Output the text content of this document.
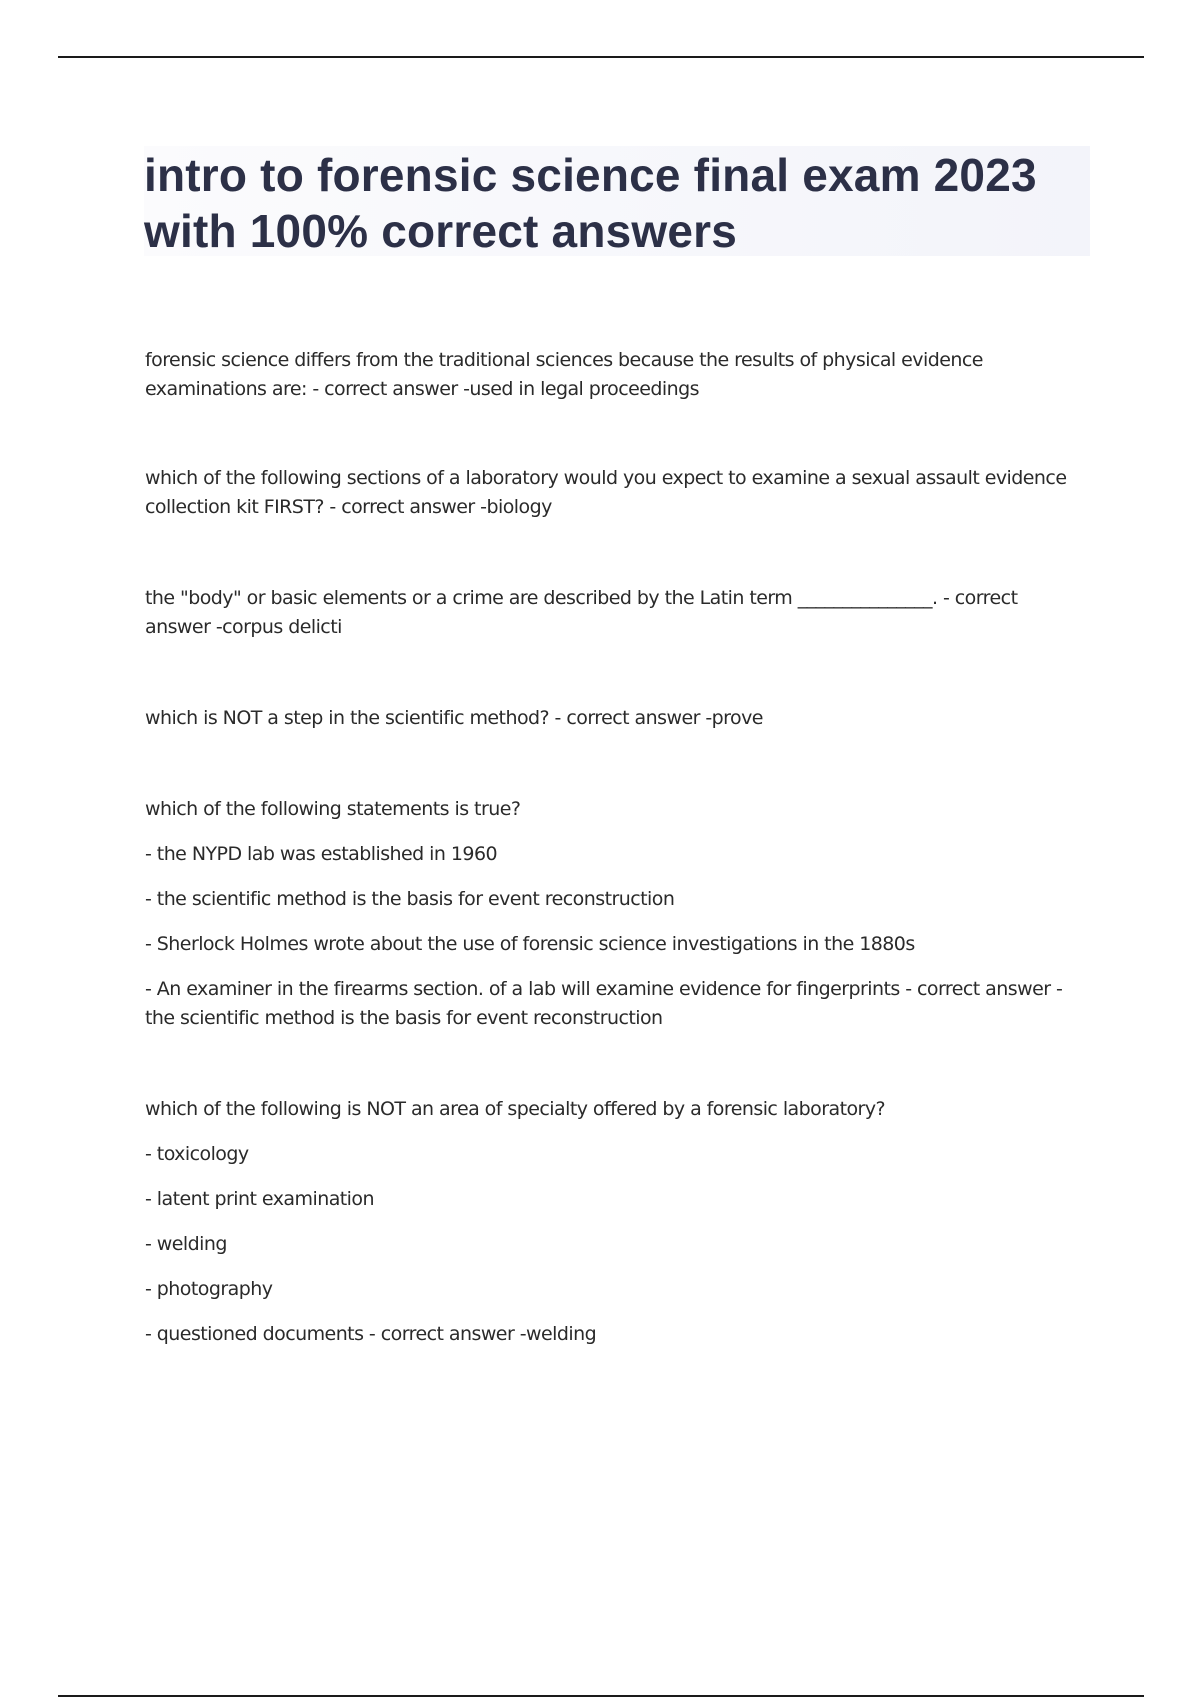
intro to forensic science final exam 2023 with 100% correct answers

forensic science differs from the traditional sciences because the results of physical evidence examinations are: - correct answer -used in legal proceedings

which of the following sections of a laboratory would you expect to examine a sexual assault evidence collection kit FIRST? - correct answer -biology

the "body" or basic elements or a crime are described by the Latin term _______________. - correct answer -corpus delicti

which is NOT a step in the scientific method? - correct answer -prove

which of the following statements is true?

- the NYPD lab was established in 1960

- the scientific method is the basis for event reconstruction

- Sherlock Holmes wrote about the use of forensic science investigations in the 1880s

- An examiner in the firearms section. of a lab will examine evidence for fingerprints - correct answer - the scientific method is the basis for event reconstruction

which of the following is NOT an area of specialty offered by a forensic laboratory?

- toxicology

- latent print examination

- welding

- photography

- questioned documents - correct answer -welding
